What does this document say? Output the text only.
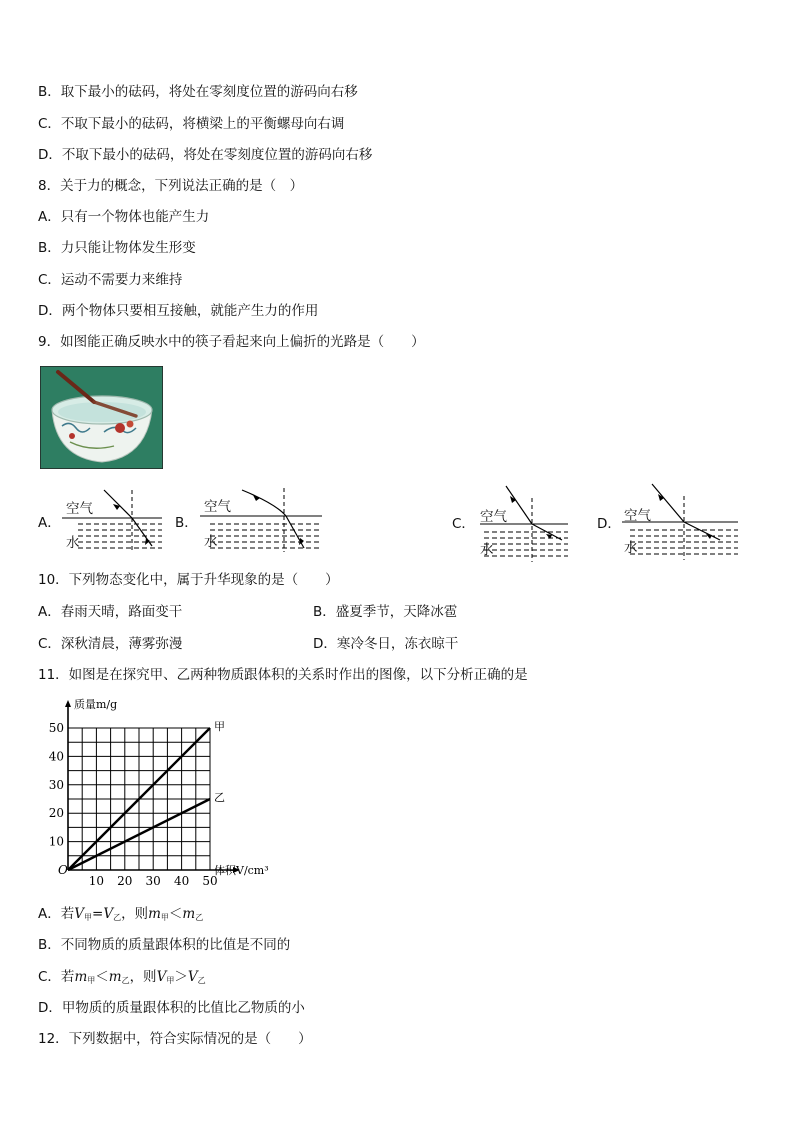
B．取下最小的砝码，将处在零刻度位置的游码向右移
C．不取下最小的砝码，将横梁上的平衡螺母向右调
D．不取下最小的砝码，将处在零刻度位置的游码向右移
8．关于力的概念，下列说法正确的是（　）
A．只有一个物体也能产生力
B．力只能让物体发生形变
C．运动不需要力来维持
D．两个物体只要相互接触，就能产生力的作用
9．如图能正确反映水中的筷子看起来向上偏折的光路是（　　）
A．
空气
水
B．
空气
水
C． 空气
水
D． 空气
水
10．下列物态变化中，属于升华现象的是（　　）
A．春雨天晴，路面变干	B．盛夏季节，天降冰雹
C．深秋清晨，薄雾弥漫	D．寒冷冬日，冻衣晾干
11．如图是在探究甲、乙两种物质跟体积的关系时作出的图像，以下分析正确的是
10 20 30 40 50
10
20
30
40
50
O	体积V/cm³
质量m/g
甲
乙
A．若$V_甲=V_乙$，则$m_甲<m_乙$
B．不同物质的质量跟体积的比值是不同的
C．若$m_甲<m_乙$，则$V_甲>V_乙$
D．甲物质的质量跟体积的比值比乙物质的小
12．下列数据中，符合实际情况的是（　　）
